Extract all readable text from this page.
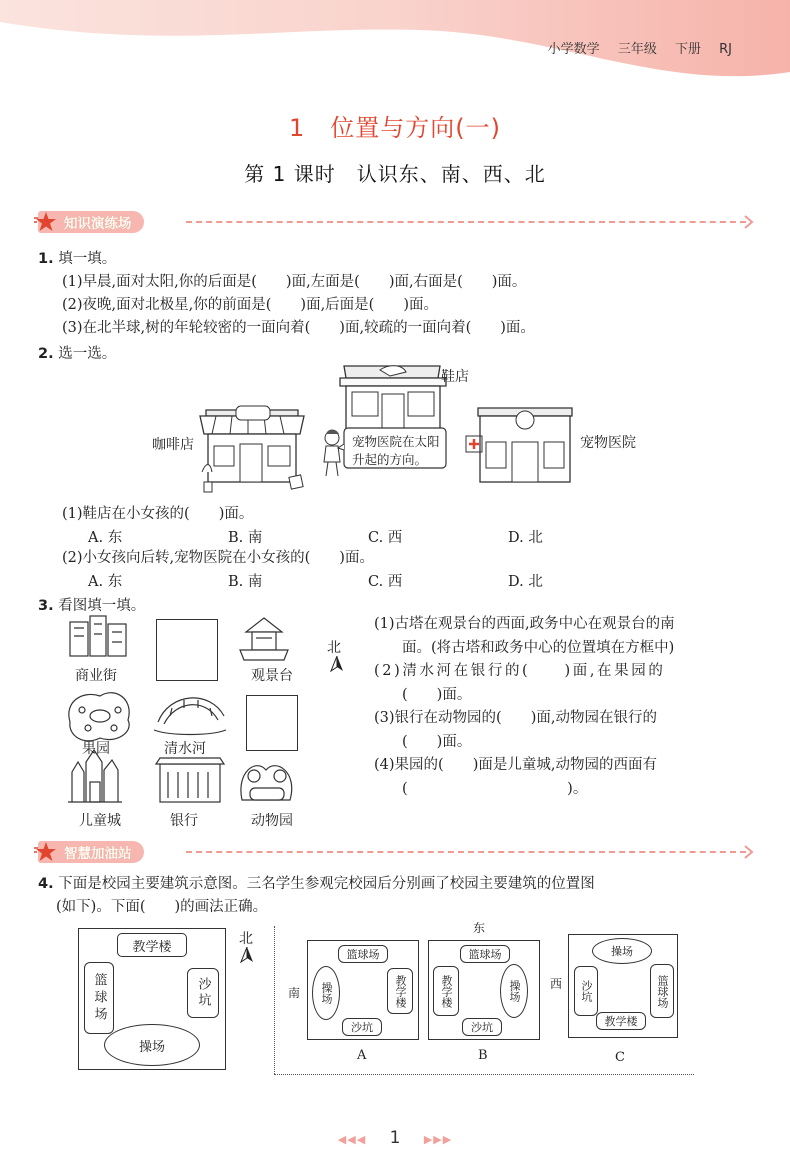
小学数学 三年级 下册 RJ
1　位置与方向(一)
第 1 课时　认识东、南、西、北
知识演练场
1. 填一填。
(1)早晨,面对太阳,你的后面是(　　)面,左面是(　　)面,右面是(　　)面。
(2)夜晚,面对北极星,你的前面是(　　)面,后面是(　　)面。
(3)在北半球,树的年轮较密的一面向着(　　)面,较疏的一面向着(　　)面。
2. 选一选。
Cafe
鞋店
咖啡店	宠物医院
宠物医院在太阳
升起的方向。
(1)鞋店在小女孩的(　　)面。
A. 东	B. 南	C. 西	D. 北
(2)小女孩向后转,宠物医院在小女孩的(　　)面。
A. 东	B. 南	C. 西	D. 北
3. 看图填一填。
商业街	观景台
果园	清水河
儿童城	银行	动物园
北
(1)古塔在观景台的西面,政务中心在观景台的南
面。(将古塔和政务中心的位置填在方框中)
(2)清水河在银行的(　　)面,在果园的
(　　)面。
(3)银行在动物园的(　　)面,动物园在银行的
(　　)面。
(4)果园的(　　)面是儿童城,动物园的西面有
(　　　　　　　　　　　)。
智慧加油站
4. 下面是校园主要建筑示意图。三名学生参观完校园后分别画了校园主要建筑的位置图
(如下)。下面(　　)的画法正确。
教学楼
篮球场	沙坑
操场
北
南
篮球场
操场	教学楼
沙坑
A
东
篮球场
教学楼	操场
沙坑
B
西
操场
沙坑	篮球场
教学楼
C
◀◀◀ 1 ▶▶▶
